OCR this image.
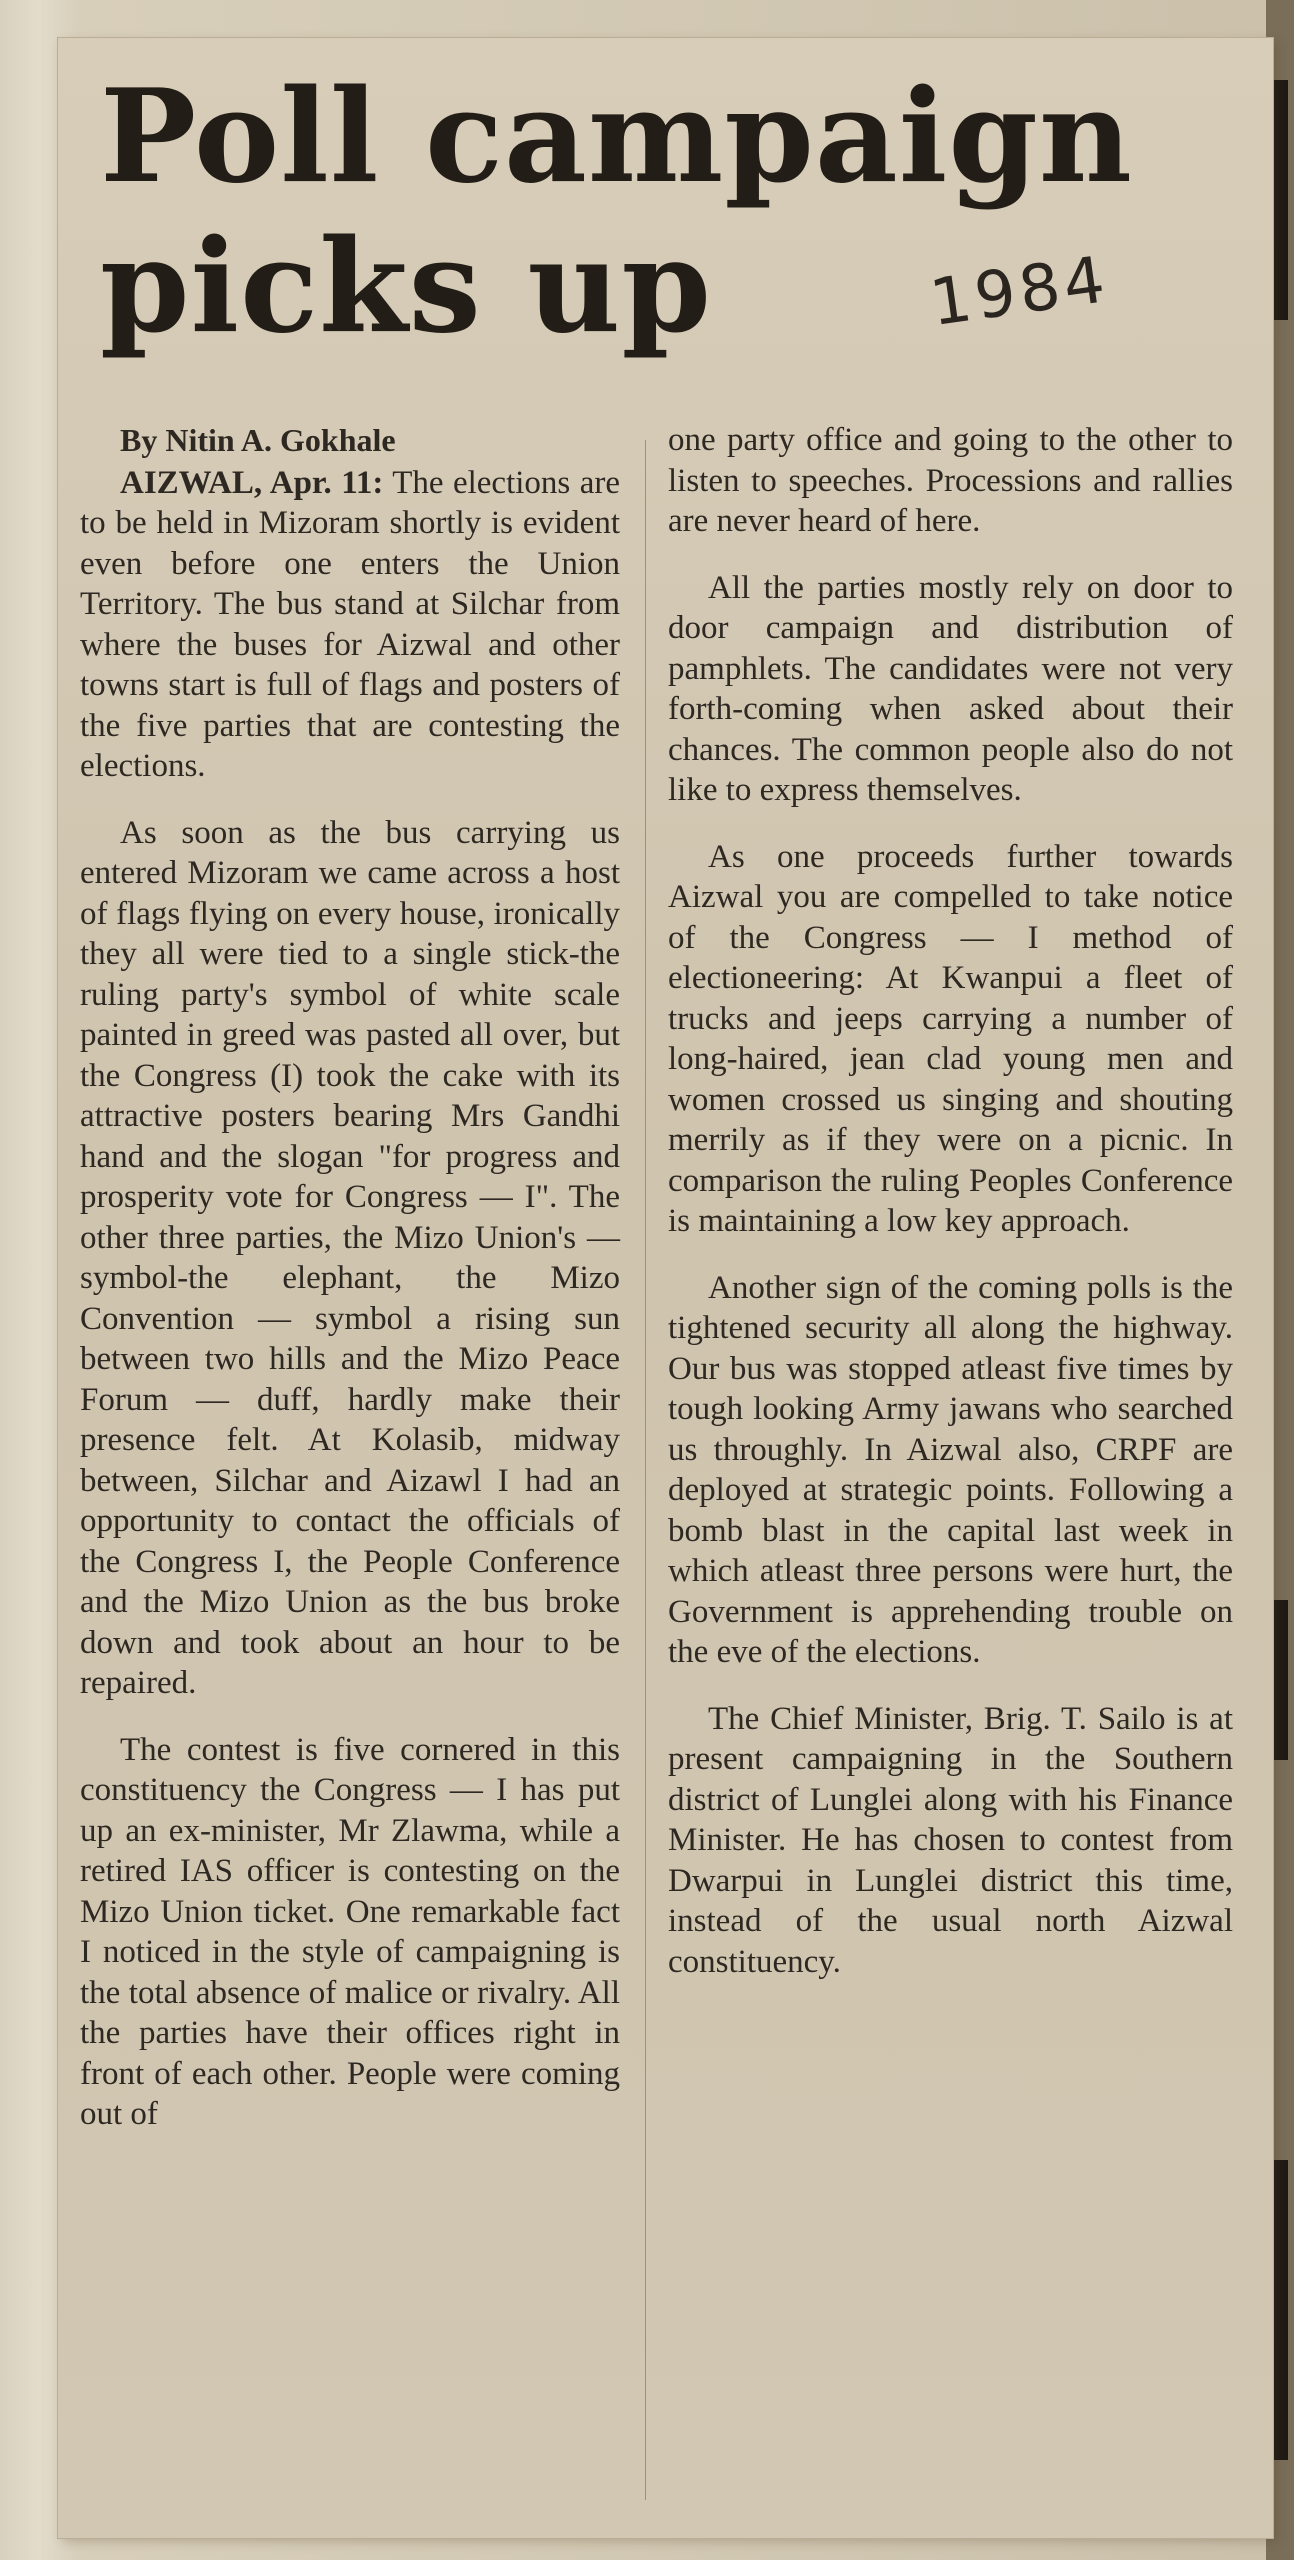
Poll campaign
picks up	1984
By Nitin A. Gokhale

AIZWAL, Apr. 11: The elections are to be held in Mizoram shortly is evident even before one enters the Union Territory. The bus stand at Silchar from where the buses for Aizwal and other towns start is full of flags and posters of the five parties that are contesting the elections.

As soon as the bus carrying us entered Mizoram we came across a host of flags flying on every house, ironically they all were tied to a single stick-the ruling party's symbol of white scale painted in greed was pasted all over, but the Congress (I) took the cake with its attractive posters bearing Mrs Gandhi hand and the slogan "for progress and prosperity vote for Congress — I". The other three parties, the Mizo Union's — symbol-the elephant, the Mizo Convention — symbol a rising sun between two hills and the Mizo Peace Forum — duff, hardly make their presence felt. At Kolasib, midway between, Silchar and Aizawl I had an opportunity to contact the officials of the Congress I, the People Conference and the Mizo Union as the bus broke down and took about an hour to be repaired.

The contest is five cornered in this constituency the Congress — I has put up an ex-minister, Mr Zlawma, while a retired IAS officer is contesting on the Mizo Union ticket. One remarkable fact I noticed in the style of campaigning is the total absence of malice or rivalry. All the parties have their offices right in front of each other. People were coming out of

one party office and going to the other to listen to speeches. Processions and rallies are never heard of here.

All the parties mostly rely on door to door campaign and distribution of pamphlets. The candidates were not very forth-coming when asked about their chances. The common people also do not like to express themselves.

As one proceeds further towards Aizwal you are compelled to take notice of the Congress — I method of electioneering: At Kwanpui a fleet of trucks and jeeps carrying a number of long-haired, jean clad young men and women crossed us singing and shouting merrily as if they were on a picnic. In comparison the ruling Peoples Conference is maintaining a low key approach.

Another sign of the coming polls is the tightened security all along the highway. Our bus was stopped atleast five times by tough looking Army jawans who searched us throughly. In Aizwal also, CRPF are deployed at strategic points. Following a bomb blast in the capital last week in which atleast three persons were hurt, the Government is apprehending trouble on the eve of the elections.

The Chief Minister, Brig. T. Sailo is at present campaigning in the Southern district of Lunglei along with his Finance Minister. He has chosen to contest from Dwarpui in Lunglei district this time, instead of the usual north Aizwal constituency.
